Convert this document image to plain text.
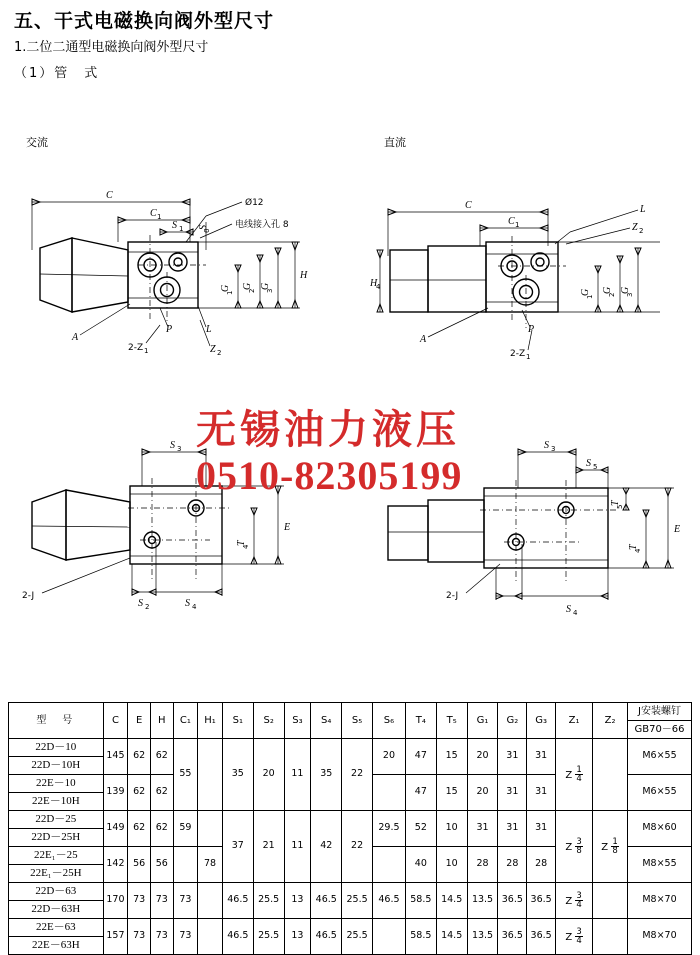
五、干式电磁换向阀外型尺寸
1.二位二通型电磁换向阀外型尺寸
（1）管　式
交流	直流
C
C 1
S 1
Ø12
电线接入孔 8
S
6
H
G
1
G
2
G
3
A
P	L
2-Z 1	Z 2
C
C 1
L
Z 2
H
4
G
1
G
2
G
3
A
P
2-Z 1
S 3
T
4
E
2-J
S 2	S 4
S 3
S 5
T
5
T
4
E
2-J
S 4
无锡油力液压
0510-82305199
型　号	C	E	H	C₁	H₁	S₁	S₂	S₃	S₄	S₅	S₆	T₄	T₅	G₁	G₂	G₃	Z₁	Z₂	J安装螺钉
																			GB70－66
22D－10	145	62	62	55		35	20	11	35	22	20	47	15	20	31	31	Z $\frac{1}{4}$		M6×55
22D－10H																			
22E－10	139	62	62									47	15	20	31	31			M6×55
22E－10H																			
22D－25	149	62	62	59		37	21	11	42	22	29.5	52	10	31	31	31	Z $\frac{3}{8}$	Z $\frac{1}{8}$	M8×60
22D－25H																			
22E₁－25	142	56	56		78							40	10	28	28	28			M8×55
22E₁－25H																			
22D－63	170	73	73	73		46.5	25.5	13	46.5	25.5	46.5	58.5	14.5	13.5	36.5	36.5	Z $\frac{3}{4}$		M8×70
22D－63H																			
22E－63	157	73	73	73		46.5	25.5	13	46.5	25.5		58.5	14.5	13.5	36.5	36.5	Z $\frac{3}{4}$		M8×70
22E－63H																			
